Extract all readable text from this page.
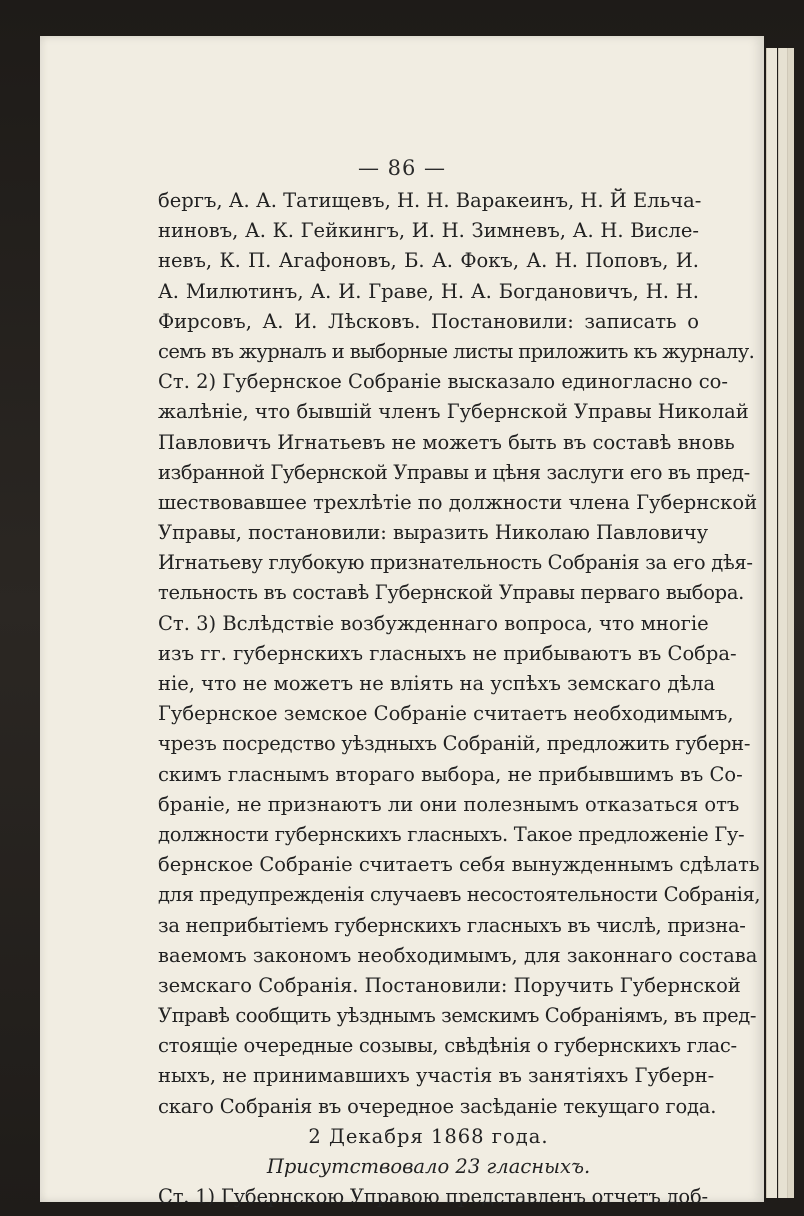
— 86 —
бергъ, А. А. Татищевъ, Н. Н. Варакеинъ, Н. Й Ельча-
ниновъ, А. К. Гейкингъ, И. Н. Зимневъ, А. Н. Висле-
невъ, К. П. Агафоновъ, Б. А. Фокъ, А. Н. Поповъ, И.
А. Милютинъ, А. И. Граве, Н. А. Богдановичъ, Н. Н.
Фирсовъ, А. И. Лѣсковъ. Постановили: записать о
семъ въ журналъ и выборные листы приложить къ журналу.
Ст. 2) Губернское Собраніе высказало единогласно со-
жалѣніе, что бывшій членъ Губернской Управы Николай
Павловичъ Игнатьевъ не можетъ быть въ составѣ вновь
избранной Губернской Управы и цѣня заслуги его въ пред-
шествовавшее трехлѣтіе по должности члена Губернской
Управы, постановили: выразить Николаю Павловичу
Игнатьеву глубокую признательность Собранія за его дѣя-
тельность въ составѣ Губернской Управы перваго выбора.
Ст. 3) Вслѣдствіе возбужденнаго вопроса, что многіе
изъ гг. губернскихъ гласныхъ не прибываютъ въ Собра-
ніе, что не можетъ не вліять на успѣхъ земскаго дѣла
Губернское земское Собраніе считаетъ необходимымъ,
чрезъ посредство уѣздныхъ Собраній, предложить губерн-
скимъ гласнымъ втораго выбора, не прибывшимъ въ Со-
браніе, не признаютъ ли они полезнымъ отказаться отъ
должности губернскихъ гласныхъ. Такое предложеніе Гу-
бернское Собраніе считаетъ себя вынужденнымъ сдѣлать
для предупрежденія случаевъ несостоятельности Собранія,
за неприбытіемъ губернскихъ гласныхъ въ числѣ, призна-
ваемомъ закономъ необходимымъ, для законнаго состава
земскаго Собранія. Постановили: Поручить Губернской
Управѣ сообщить уѣзднымъ земскимъ Собраніямъ, въ пред-
стоящіе очередные созывы, свѣдѣнія о губернскихъ глас-
ныхъ, не принимавшихъ участія въ занятіяхъ Губерн-
скаго Собранія въ очередное засѣданіе текущаго года.
2 Декабря 1868 года.
Присутствовало 23 гласныхъ.
Ст. 1) Губернскою Управою представленъ отчетъ доб-
